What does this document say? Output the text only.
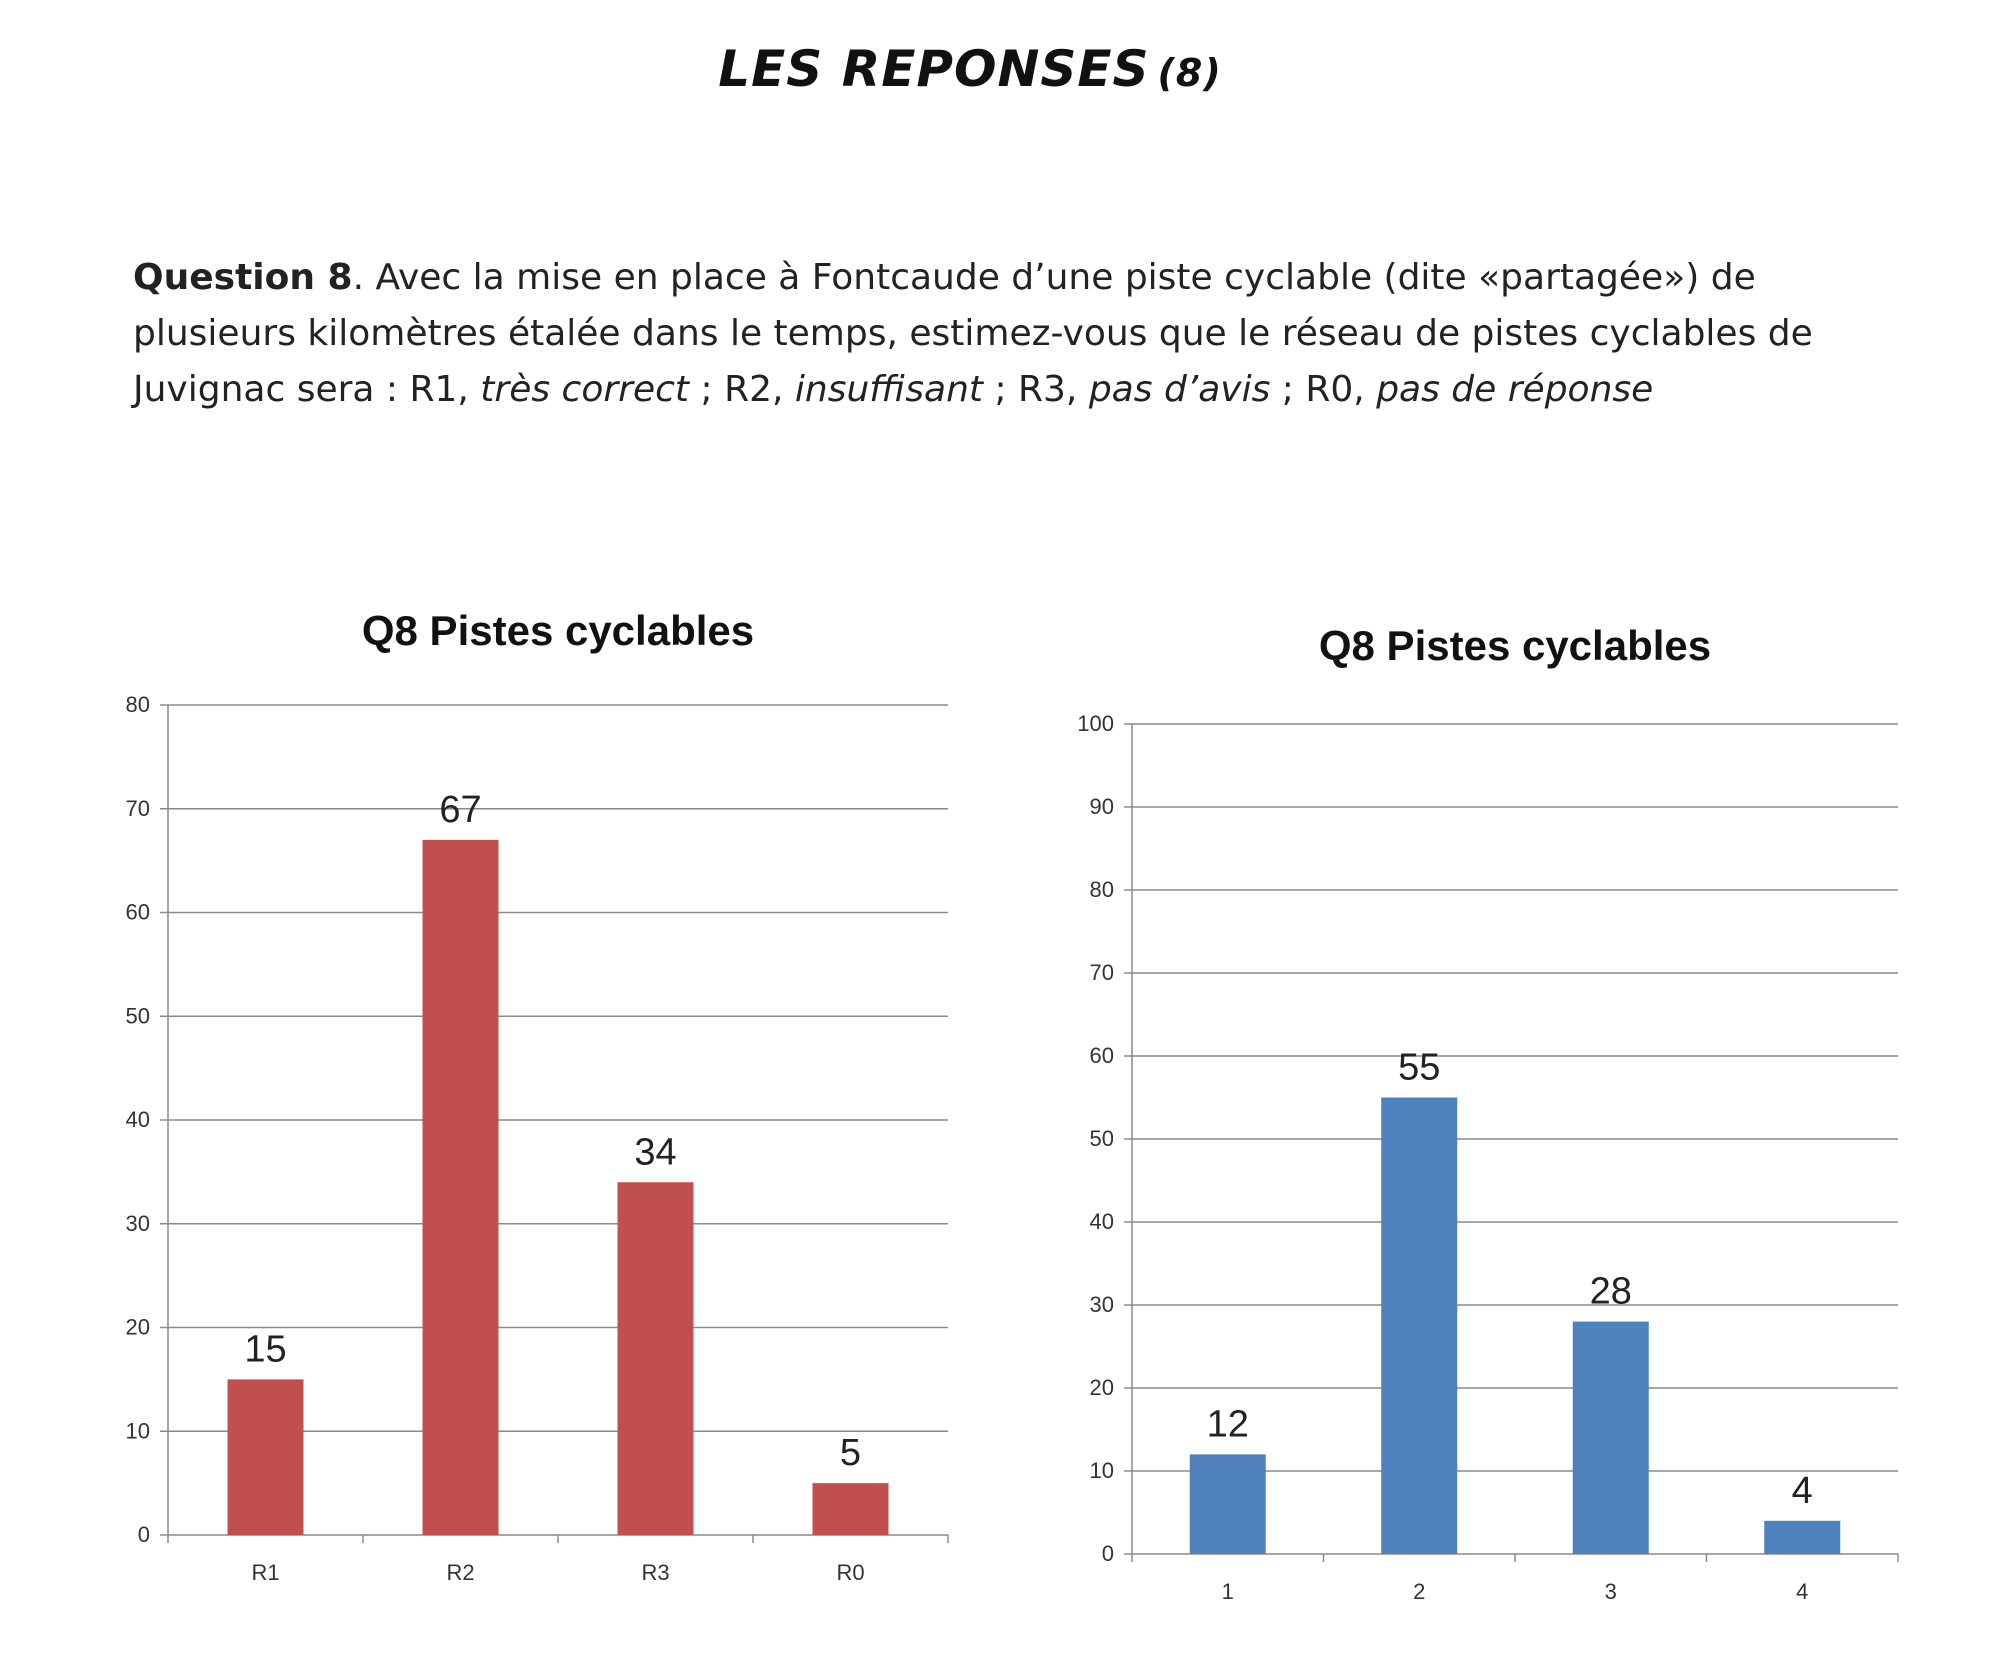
LES REPONSES (8)
Question 8. Avec la mise en place à Fontcaude d’une piste cyclable (dite «partagée») de plusieurs kilomètres étalée dans le temps, estimez-vous que le réseau de pistes cyclables de Juvignac sera : R1, très correct ; R2, insuffisant ; R3, pas d’avis ; R0, pas de réponse
Q8 Pistes cyclables
0
10
20
30
40
50
60
70
80
15
R1
67
R2
34
R3
5
R0
Q8 Pistes cyclables
0
10
20
30
40
50
60
70
80
90
100
12
1
55
2
28
3
4
4
